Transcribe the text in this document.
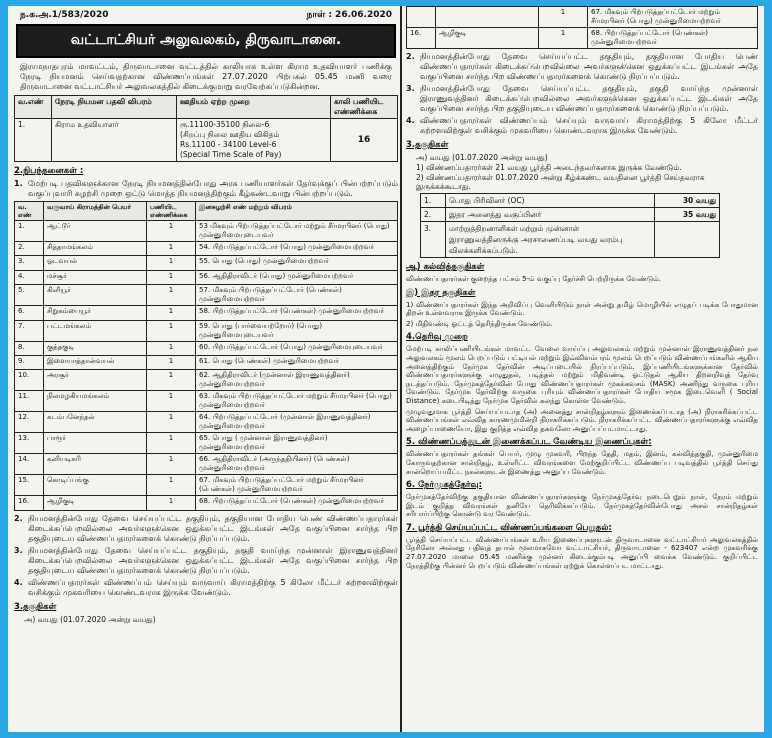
ந.க.அ.1/583/2020	நாள் : 26.06.2020
வட்டாட்சியர் அலுவலகம், திருவாடானை.

இராமநாதபுரம் மாவட்டம், திருவாடானை வட்டத்தில் காலியாக உள்ள கிராம உதவியாளர் பணிக்கு நேரடி நியமனம் செய்வதற்கான விண்ணப்பங்கள் 27.07.2020 பிற்பகல் 05.45 மணி வரை திருவாடானை வட்டாட்சியர் அலுவலகத்தில் கிடைக்குமாறு வரவேற்கப்படுகின்றன.

வ.எண்	நேரடி நியமன பதவி விபரம்	ஊதியம் ஏற்ற முறை	காலி பணியிட எண்ணிக்கை
1.	கிராம உதவியாளர்	ரூ.11100-35100 நிலை-6
(சிறப்பு நிலை ஊதிய விகிதம்
Rs.11100 - 34100 Level-6
(Special Time Scale of Pay)	16
2.நிபந்தனைகள் :
1. மேற்படி பதவிகளுக்கான நேரடி நியமனத்தின்போது அரசு பணியாளர்கள் தேர்வுக்குப் பின்பற்றப்படும் வகுப்புவாரி சுழற்சி முறை ஒட்டு மொத்த நியமனத்திற்கும் கீழ்கண்டவாறு பின்பற்றப்படும்.
வ. எண்	வருவாய் கிராமத்தின் பெயர்	பணியிட எண்ணிக்கை	இனசுழற்சி எண் மற்றும் விபரம்
1.	ஆட்டூர்	1	53 மிகவும் பிற்படுத்தப்பட்டோர் மற்றும் சீர்மரபினர் (பொது) முன்னுரிமையுடையவர்
2.	சித்தாமங்கலம்	1	54. பிற்படுத்தப்பட்டோர் (பொது) முன்னுரிமையற்றவர்
3.	ஓடவயல்	1	55. பொது (பொது) முன்னுரிமையற்றவர்
4.	மச்சூர்	1	56. ஆதிதிராவிடர் (பொது) முன்னுரிமையற்றவர்
5.	கிளியூர்	1	57. மிகவும் பிற்படுத்தப்பட்டோர் (பெண்கள்) முன்னுரிமையற்றவர்
6.	சிறுகம்பையூர்	1	58. பிற்படுத்தப்பட்டோர் (பெண்கள்) முன்னுரிமையற்றவர்
7.	பட்டமங்கலம்	1	59. பொது (பார்வையற்றோர்) (பொது) முன்னுரிமையுடையவர்
8.	குத்தகுடி	1	60. பிற்படுத்தப்பட்டோர் (பொது) முன்னுரிமையுடையவர்
9.	இளையாத்தான்வயல்	1	61. பொது (பெண்கள்) முன்னுரிமையற்றவர்
10.	அரசூர்	1	62. ஆதிதிராவிடர் (முன்னாள் இராணுவத்தினர்) முன்னுரிமையற்றவர்
11.	நிலமழகியமங்கலம்	1	63. மிகவும் பிற்படுத்தப்பட்டோர் மற்றும் சீர்மரபினர் (பொது) முன்னுரிமையற்றவர்
12.	கடம்பனேந்தல்	1	64. பிற்படுத்தப்பட்டோர் (முன்னாள் இராணுவத்தினர்) முன்னுரிமையற்றவர்
13.	பாரூர்	1	65. பொது ( முன்னாள் இராணுவத்தினர்) முன்னுரிமையற்றவர்
14.	கனியடிகரி	1	66. ஆதிதிராவிடர் (அருந்ததியினர்) (பெண்கள்) முன்னுரிமையற்றவர்
15.	கொடிப்பங்கு	1	67. மிகவும் பிற்படுத்தப்பட்டோர் மற்றும் சீர்மரபினர் (பெண்கள்) முன்னுரிமையற்றவர்
16.	ஆழிகுடி	1	68. பிற்படுத்தப்பட்டோர் (பெண்கள்) முன்னுரிமையற்றவர்
2. நியமனத்தின்போது தேவை செய்யப்பட்ட தகுதியும், தகுதியான போதிய பெண் விண்ணப்பதாரர்கள் கிடைக்கப்பெறவில்லை அவர்களுக்கென ஒதுக்கப்பட்ட இடங்கள் அதே வகுப்பினை சார்ந்த பிற தகுதியுடைய விண்ணப்பதாரர்களைக் கொண்டு நிரப்பப்படும்.
3. நியமனத்தின்போது தேவை செய்யப்பட்ட தகுதியும், தகுதி வாய்ந்த முன்னாள் இராணுவத்தினர் கிடைக்கப்பெறவில்லை அவர்களுக்கென ஒதுக்கப்பட்ட இடங்கள் அதே வகுப்பினை சார்ந்த பிற தகுதியுடைய விண்ணப்பதாரர்களைக் கொண்டு நிரப்பப்படும்.
4. விண்ணப்பதாரர்கள் விண்ணப்பம் செய்யும் வருவாய் கிராமத்திற்கு 5 கிலோ மீட்டர் சுற்றளவிற்குள் வசிக்கும் முகவரியை கொண்டவராக இருக்க வேண்டும்.
3.தகுதிகள்
அ) வயது (01.07.2020 அன்று வயது)
		1	67. மிகவும் பிற்படுத்தப்பட்டோர் மற்றும் சீர்மரபினர் (பொது) முன்னுரிமையற்றவர்
16.	ஆழிகுடி	1	68. பிற்படுத்தப்பட்டோர் (பெண்கள்) முன்னுரிமையற்றவர்
2. நியமனத்தின்போது தேவை செய்யப்பட்ட தகுதியும், தகுதியான போதிய பெண் விண்ணப்பதாரர்கள் கிடைக்கப்பெறவில்லை அவர்களுக்கென ஒதுக்கப்பட்ட இடங்கள் அதே வகுப்பினை சார்ந்த பிற விண்ணப்பதாரர்களைக் கொண்டு நிரப்பப்படும்.
3. நியமனத்தின்போது தேவை செய்யப்பட்ட தகுதியும், தகுதி வாய்ந்த முன்னாள் இராணுவத்தினர் கிடைக்கப்பெறவில்லை அவர்களுக்கென ஒதுக்கப்பட்ட இடங்கள் அதே வகுப்பினை சார்ந்த பிற தகுதியுடைய விண்ணப்பதாரர்களைக் கொண்டு நிரப்பப்படும்.
4. விண்ணப்பதாரர்கள் விண்ணப்பம் செய்யும் வருவாய் கிராமத்திற்கு 5 கிலோ மீட்டர் சுற்றளவிற்குள் வசிக்கும் முகவரியை கொண்டவராக இருக்க வேண்டும்.
3.தகுதிகள்
அ) வயது (01.07.2020 அன்று வயது)
1) விண்ணப்பதாரர்கள் 21 வயது பூர்த்தி அடைந்தவர்களாக இருக்க வேண்டும்.
2) விண்ணப்பதாரர்கள் 01.07.2020 அன்று கீழ்க்கண்ட வயதினை பூர்த்தி செய்தவராக இருக்கக்கூடாது.
1.	பொது பிரிவினர் (OC)	30 வயது
2.	இதர அனைத்து வகுப்பினர்	35 வயது
3.	மாற்றுத்திறனாளிகள் மற்றும் முன்னாள் இராணுவத்தினருக்கு அரசாணைப்படி வயது வரம்பு விலக்களிக்கப்படும்.	
ஆ) கல்வித்தகுதிகள்

விண்ணப்பதாரர்கள் குறைந்த பட்சம் 5-ம் வகுப்பு தேர்ச்சி பெற்றிருக்க வேண்டும்.

இ) இதர தகுதிகள்

1) விண்ணப்பதாரர்கள் இந்த அறிவிப்பு வெளியிடும் நாள் அன்று தமிழ் மொழியில் எழுதப் படிக்க போதுமான திறன் உள்ளவராக இருக்க வேண்டும்.

2) மிதிவண்டி ஓட்டத் தெரிந்திருக்க வேண்டும்.

4.தெரிவு முறை

மேற்படி காலிப்பணியிடங்கள் மாவட்ட வேலை வாய்ப்பு அலுவலகம் மற்றும் முன்னாள் இராணுவத்தினர் நல அலுவலகம் மூலம் பெறப்படும் பட்டியல் மற்றும் இவ்விளம்பரம் மூலம் பெறப்படும் விண்ணப்பங்களில் ஆகிய அனைத்திற்கும் நேர்முக தேர்வின் அடிப்படையில் நிரப்பப்படும். இப்பணியிடங்களுக்கான தேர்வில் விண்ணப்பதாரர்களுக்கு எழுதுதல், படித்தல் மற்றும் மிதிவண்டி ஓட்டுதல் ஆகிய திறனறிவுத் தேர்வு நடத்தப்படும். நேர்முகத்தேர்வின் போது விண்ணப்பதாரர்கள் முகக்கவசம் (MASK) அணிந்து வருகை புரிய வேண்டும். நேர்முக தேர்விற்கு வருகை புரியும் விண்ணப்பதாரர்கள் போதிய சமூக இடைவெளி ( Social Distance) கடைபிடித்து நேர்முக தேர்வில் கலந்து கொள்ள வேண்டும்.

முழுவதுமாக பூர்த்தி செய்யப்படாத (அ) அனைத்து சான்றிதழ்களும் இணைக்கப்படாத (அ) நிராகரிக்கப்பட்ட விண்ணப்பங்கள் எவ்வித காரணமுமின்றி நிராகரிக்கப்படும். நிராகரிக்கப்பட்ட விண்ணப்பதாரர்களுக்கு எவ்வித அழைப்பாணையோ, இது குறித்த எவ்வித தகவலோ அனுப்பப்படமாட்டாது.

5. விண்ணப்பத்துடன் இணைக்கப்பட வேண்டிய இணைப்புகள்:

விண்ணப்பதாரர்கள் தங்கள் பெயர், முழு முகவரி, பிறந்த தேதி, மதம், இனம், கல்வித்தகுதி, முன்னுரிமை கோருவதற்கான சான்றிதழ், உள்ளிட்ட விவரங்களை மேற்குறிப்பிட்ட விண்ணப்ப படிவத்தில் பூர்த்தி செய்து சான்றொப்பமிட்ட நகல்களுடன் இணைத்து அனுப்ப வேண்டும்.

6. நேர்முகத்தேர்வு:

நேர்முகத்தேர்விற்கு தகுதியான விண்ணப்பதாரர்களுக்கு நேர்முகத்தேர்வு நடைபெறும் நாள், நேரம் மற்றும் இடம் குறித்த விவரங்கள் தனியே தெரிவிக்கப்படும். நேர்முகத்தேர்வின்போது அசல் சான்றிதழ்கள் சரிபார்ப்பிற்கு கொண்டு வர வேண்டும்.

7. பூர்த்தி செய்யப்பட்ட விண்ணப்பங்களை பெறுதல்:

பூர்த்தி செய்யப்பட்ட விண்ணப்பங்கள் உரிய இணைப்புகளுடன் திருவாடானை வட்டாட்சியர் அலுவலகத்தில் நேரிலோ அல்லது பதிவுத் தபால் மூலமாகவோ வட்டாட்சியர், திருவாடானை - 623407 என்ற முகவரிக்கு 27.07.2020 மாலை 05.45 மணிக்கு முன்னர் கிடைக்கும்படி அனுப்பி வைக்க வேண்டும். குறிப்பிட்ட நேரத்திற்கு பின்னர் பெறப்படும் விண்ணப்பங்கள் ஏற்றுக் கொள்ளப்பட மாட்டாது.
